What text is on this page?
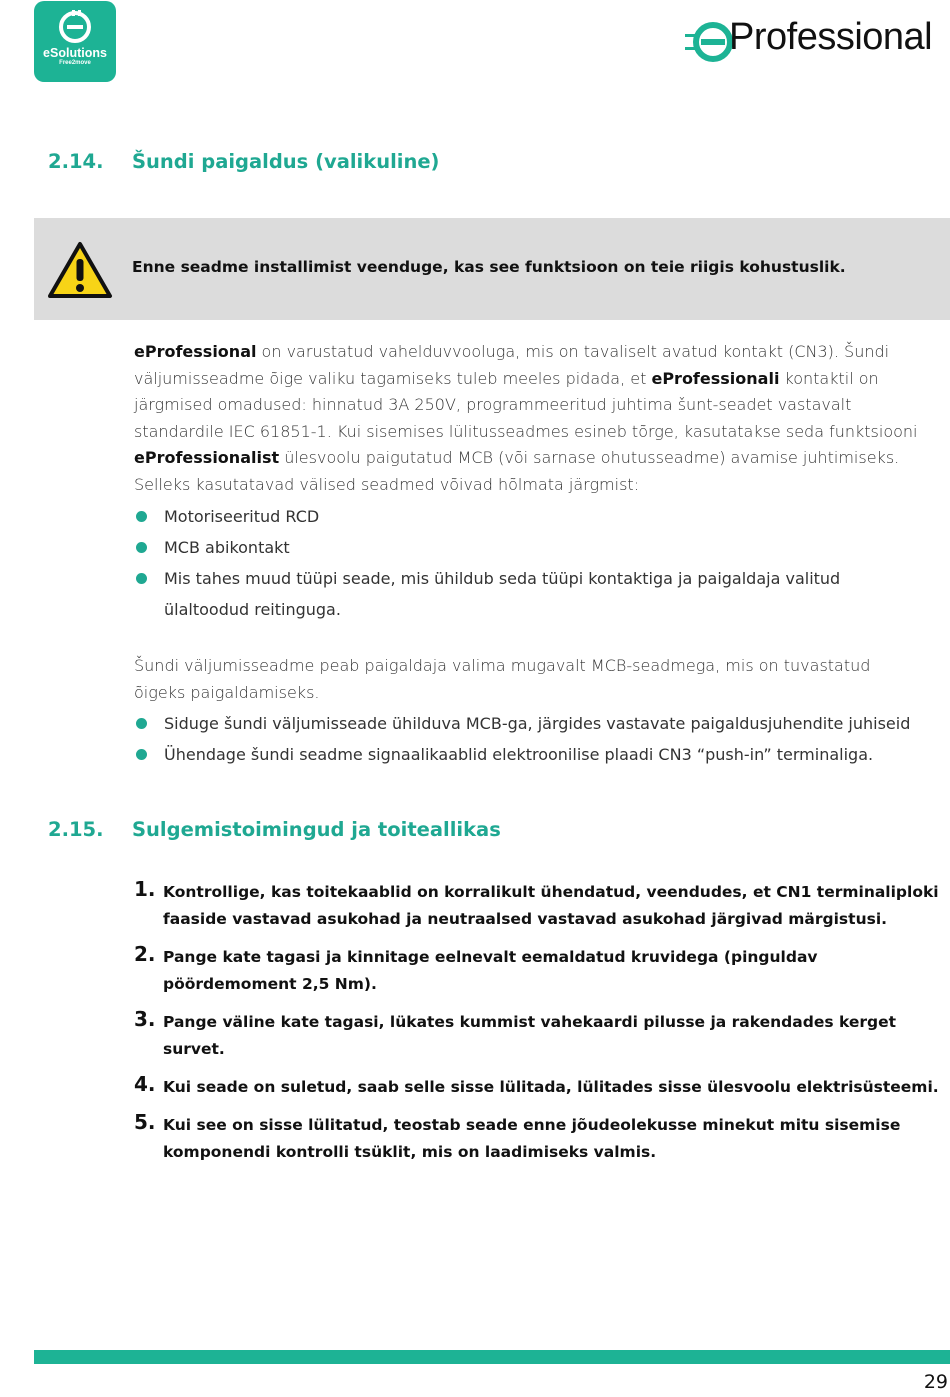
eSolutions
Free2move
Professional
2.14. Šundi paigaldus (valikuline)
Enne seadme installimist veenduge, kas see funktsioon on teie riigis kohustuslik.
eProfessional on varustatud vahelduvvooluga, mis on tavaliselt avatud kontakt (CN3). Šundi
väljumisseadme õige valiku tagamiseks tuleb meeles pidada, et eProfessionali kontaktil on
järgmised omadused: hinnatud 3A 250V, programmeeritud juhtima šunt-seadet vastavalt
standardile IEC 61851-1. Kui sisemises lülitusseadmes esineb tõrge, kasutatakse seda funktsiooni
eProfessionalist ülesvoolu paigutatud MCB (või sarnase ohutusseadme) avamise juhtimiseks.
Selleks kasutatavad välised seadmed võivad hõlmata järgmist:
Motoriseeritud RCD
MCB abikontakt
Mis tahes muud tüüpi seade, mis ühildub seda tüüpi kontaktiga ja paigaldaja valitud
ülaltoodud reitinguga.
Šundi väljumisseadme peab paigaldaja valima mugavalt MCB-seadmega, mis on tuvastatud
õigeks paigaldamiseks.
Siduge šundi väljumisseade ühilduva MCB-ga, järgides vastavate paigaldusjuhendite juhiseid
Ühendage šundi seadme signaalikaablid elektroonilise plaadi CN3 “push-in” terminaliga.
2.15. Sulgemistoimingud ja toiteallikas
1. Kontrollige, kas toitekaablid on korralikult ühendatud, veendudes, et CN1 terminaliploki
faaside vastavad asukohad ja neutraalsed vastavad asukohad järgivad märgistusi.
2. Pange kate tagasi ja kinnitage eelnevalt eemaldatud kruvidega (pinguldav
pöördemoment 2,5 Nm).
3. Pange väline kate tagasi, lükates kummist vahekaardi pilusse ja rakendades kerget
survet.
4. Kui seade on suletud, saab selle sisse lülitada, lülitades sisse ülesvoolu elektrisüsteemi.
5. Kui see on sisse lülitatud, teostab seade enne jõudeolekusse minekut mitu sisemise
komponendi kontrolli tsüklit, mis on laadimiseks valmis.
29
